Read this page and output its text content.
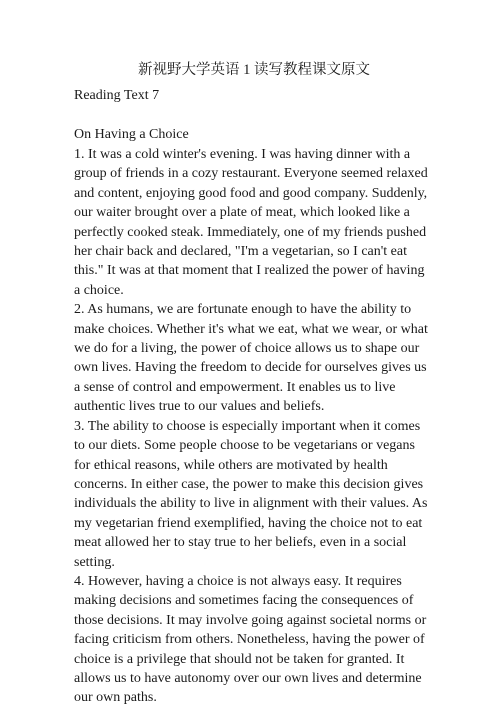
新视野大学英语 1 读写教程课文原文
Reading Text 7
On Having a Choice

1. It was a cold winter's evening. I was having dinner with a group of friends in a cozy restaurant. Everyone seemed relaxed and content, enjoying good food and good company. Suddenly, our waiter brought over a plate of meat, which looked like a perfectly cooked steak. Immediately, one of my friends pushed her chair back and declared, "I'm a vegetarian, so I can't eat this." It was at that moment that I realized the power of having a choice.

2. As humans, we are fortunate enough to have the ability to make choices. Whether it's what we eat, what we wear, or what we do for a living, the power of choice allows us to shape our own lives. Having the freedom to decide for ourselves gives us a sense of control and empowerment. It enables us to live authentic lives true to our values and beliefs.

3. The ability to choose is especially important when it comes to our diets. Some people choose to be vegetarians or vegans for ethical reasons, while others are motivated by health concerns. In either case, the power to make this decision gives individuals the ability to live in alignment with their values. As my vegetarian friend exemplified, having the choice not to eat meat allowed her to stay true to her beliefs, even in a social setting.

4. However, having a choice is not always easy. It requires making decisions and sometimes facing the consequences of those decisions. It may involve going against societal norms or facing criticism from others. Nonetheless, having the power of choice is a privilege that should not be taken for granted. It allows us to have autonomy over our own lives and determine our own paths.
